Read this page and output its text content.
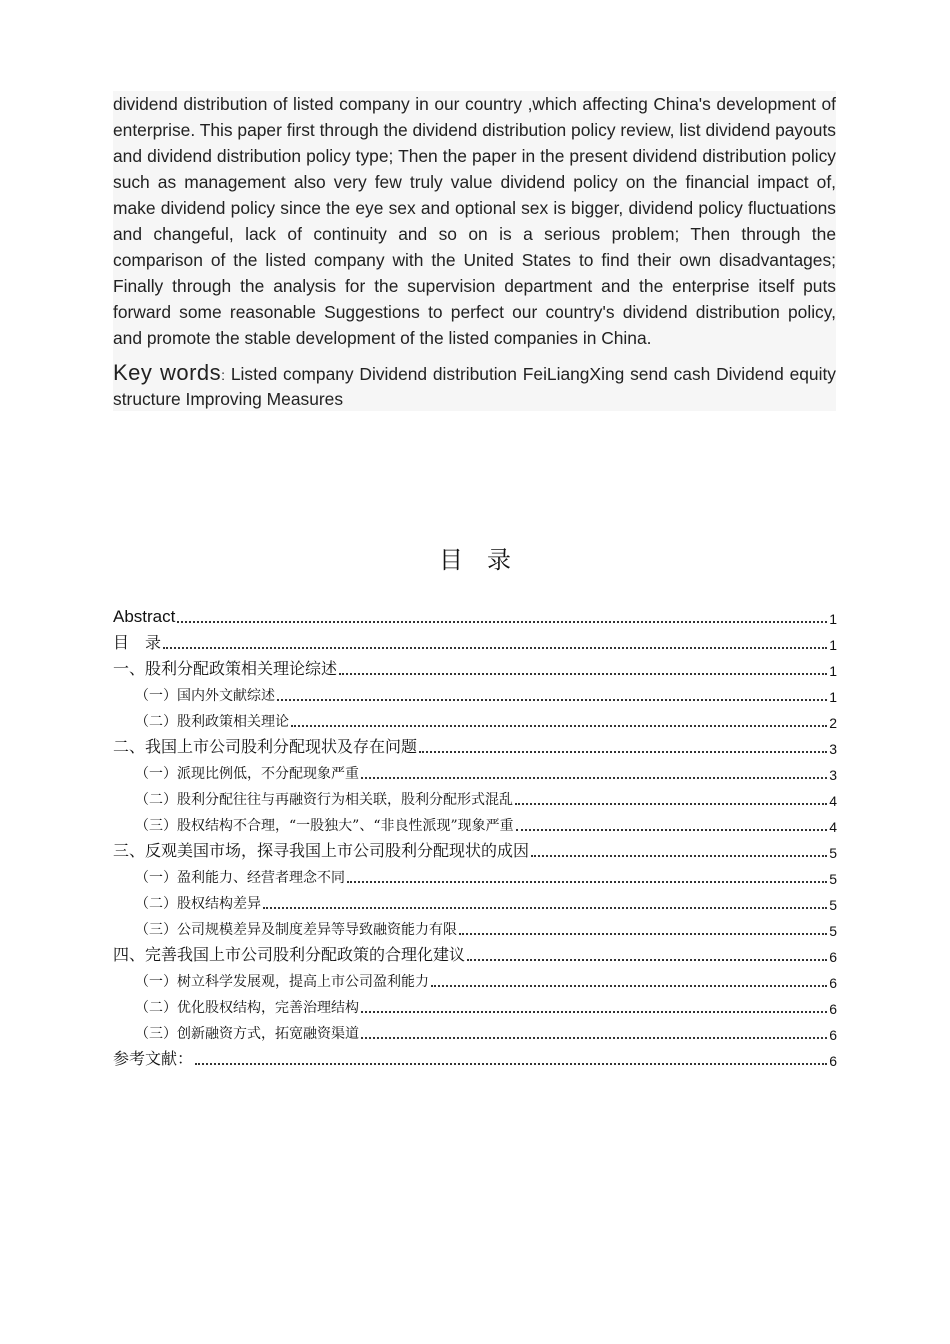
dividend distribution of listed company in our country ,which affecting China's development of enterprise. This paper first through the dividend distribution policy review, list dividend payouts and dividend distribution policy type; Then the paper in the present dividend distribution policy such as management also very few truly value dividend policy on the financial impact of, make dividend policy since the eye sex and optional sex is bigger, dividend policy fluctuations and changeful, lack of continuity and so on is a serious problem; Then through the comparison of the listed company with the United States to find their own disadvantages; Finally through the analysis for the supervision department and the enterprise itself puts forward some reasonable Suggestions to perfect our country's dividend distribution policy, and promote the stable development of the listed companies in China.

Key words: Listed company Dividend distribution FeiLiangXing send cash Dividend equity structure Improving Measures
目录
Abstract	1
目　录	1
一、股利分配政策相关理论综述	1
（一）国内外文献综述	1
（二）股利政策相关理论	2
二、我国上市公司股利分配现状及存在问题	3
（一）派现比例低，不分配现象严重	3
（二）股利分配往往与再融资行为相关联，股利分配形式混乱	4
（三）股权结构不合理，“一股独大”、“非良性派现”现象严重	4
三、反观美国市场，探寻我国上市公司股利分配现状的成因	5
（一）盈利能力、经营者理念不同	5
（二）股权结构差异	5
（三）公司规模差异及制度差异等导致融资能力有限	5
四、完善我国上市公司股利分配政策的合理化建议	6
（一）树立科学发展观，提高上市公司盈利能力	6
（二）优化股权结构，完善治理结构	6
（三）创新融资方式，拓宽融资渠道	6
参考文献：	6
